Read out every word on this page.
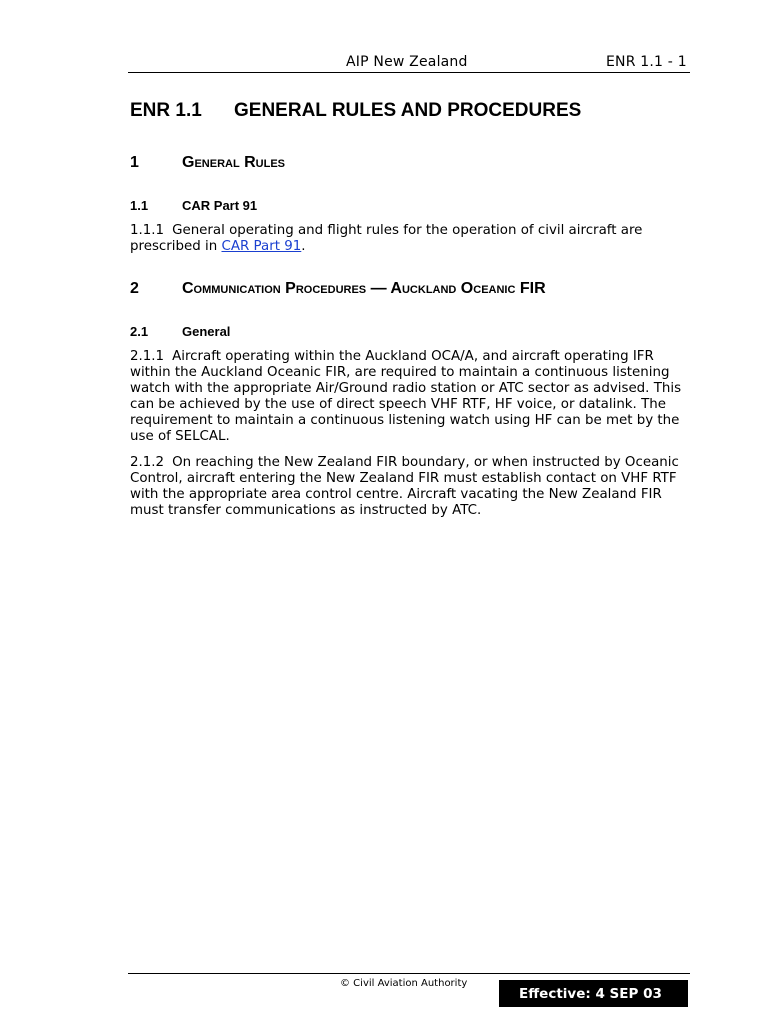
AIP New Zealand	ENR 1.1 - 1
ENR 1.1 GENERAL RULES AND PROCEDURES
1	General Rules
1.1	CAR Part 91

1.1.1 General operating and flight rules for the operation of civil aircraft are prescribed in CAR Part 91.

2	Communication Procedures — Auckland Oceanic FIR
2.1	General

2.1.1 Aircraft operating within the Auckland OCA/A, and aircraft operating IFR within the Auckland Oceanic FIR, are required to maintain a continuous listening watch with the appropriate Air/Ground radio station or ATC sector as advised. This can be achieved by the use of direct speech VHF RTF, HF voice, or datalink. The requirement to maintain a continuous listening watch using HF can be met by the use of SELCAL.

2.1.2 On reaching the New Zealand FIR boundary, or when instructed by Oceanic Control, aircraft entering the New Zealand FIR must establish contact on VHF RTF with the appropriate area control centre. Aircraft vacating the New Zealand FIR must transfer communications as instructed by ATC.

© Civil Aviation Authority
Effective: 4 SEP 03
